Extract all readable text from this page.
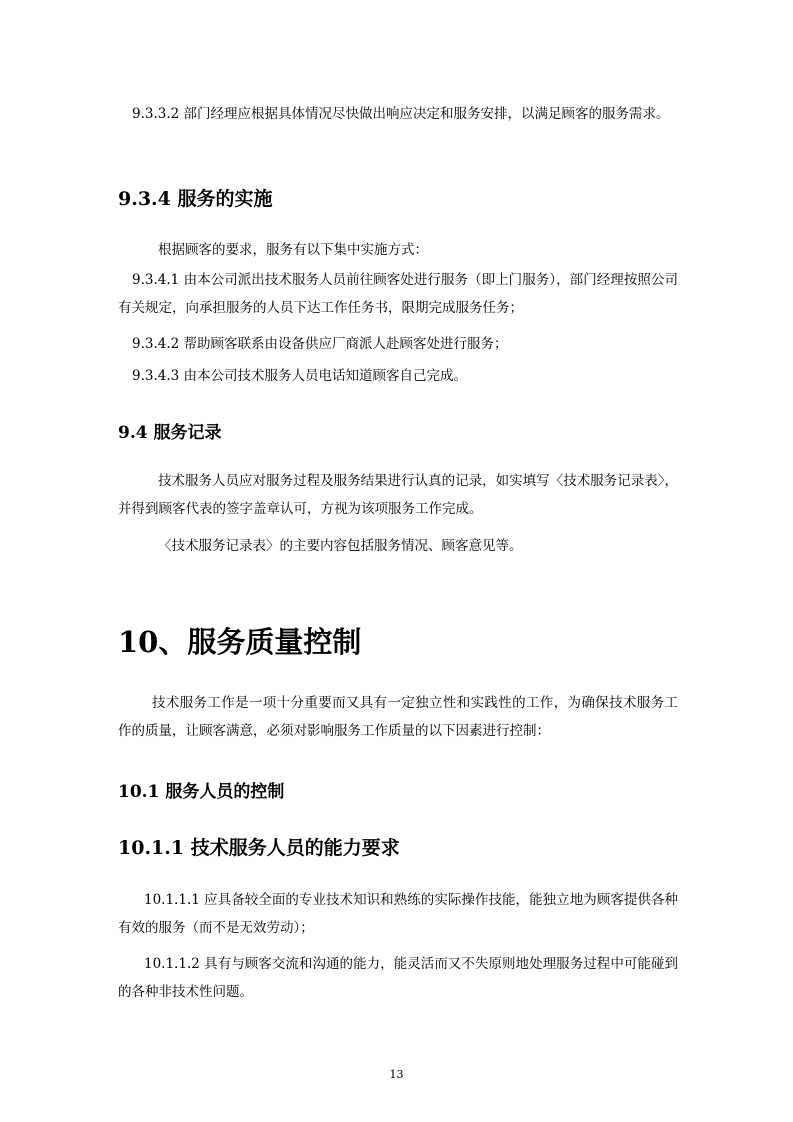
9.3.3.2 部门经理应根据具体情况尽快做出响应决定和服务安排，以满足顾客的服务需求。

9.3.4 服务的实施

根据顾客的要求，服务有以下集中实施方式：

9.3.4.1 由本公司派出技术服务人员前往顾客处进行服务（即上门服务），部门经理按照公司有关规定，向承担服务的人员下达工作任务书，限期完成服务任务；

9.3.4.2 帮助顾客联系由设备供应厂商派人赴顾客处进行服务；

9.3.4.3 由本公司技术服务人员电话知道顾客自己完成。

9.4 服务记录

技术服务人员应对服务过程及服务结果进行认真的记录，如实填写〈技术服务记录表〉，并得到顾客代表的签字盖章认可，方视为该项服务工作完成。

〈技术服务记录表〉的主要内容包括服务情况、顾客意见等。

10、服务质量控制

技术服务工作是一项十分重要而又具有一定独立性和实践性的工作，为确保技术服务工作的质量，让顾客满意，必须对影响服务工作质量的以下因素进行控制：

10.1 服务人员的控制
10.1.1 技术服务人员的能力要求

10.1.1.1 应具备较全面的专业技术知识和熟练的实际操作技能，能独立地为顾客提供各种有效的服务（而不是无效劳动）；

10.1.1.2 具有与顾客交流和沟通的能力，能灵活而又不失原则地处理服务过程中可能碰到的各种非技术性问题。

13
